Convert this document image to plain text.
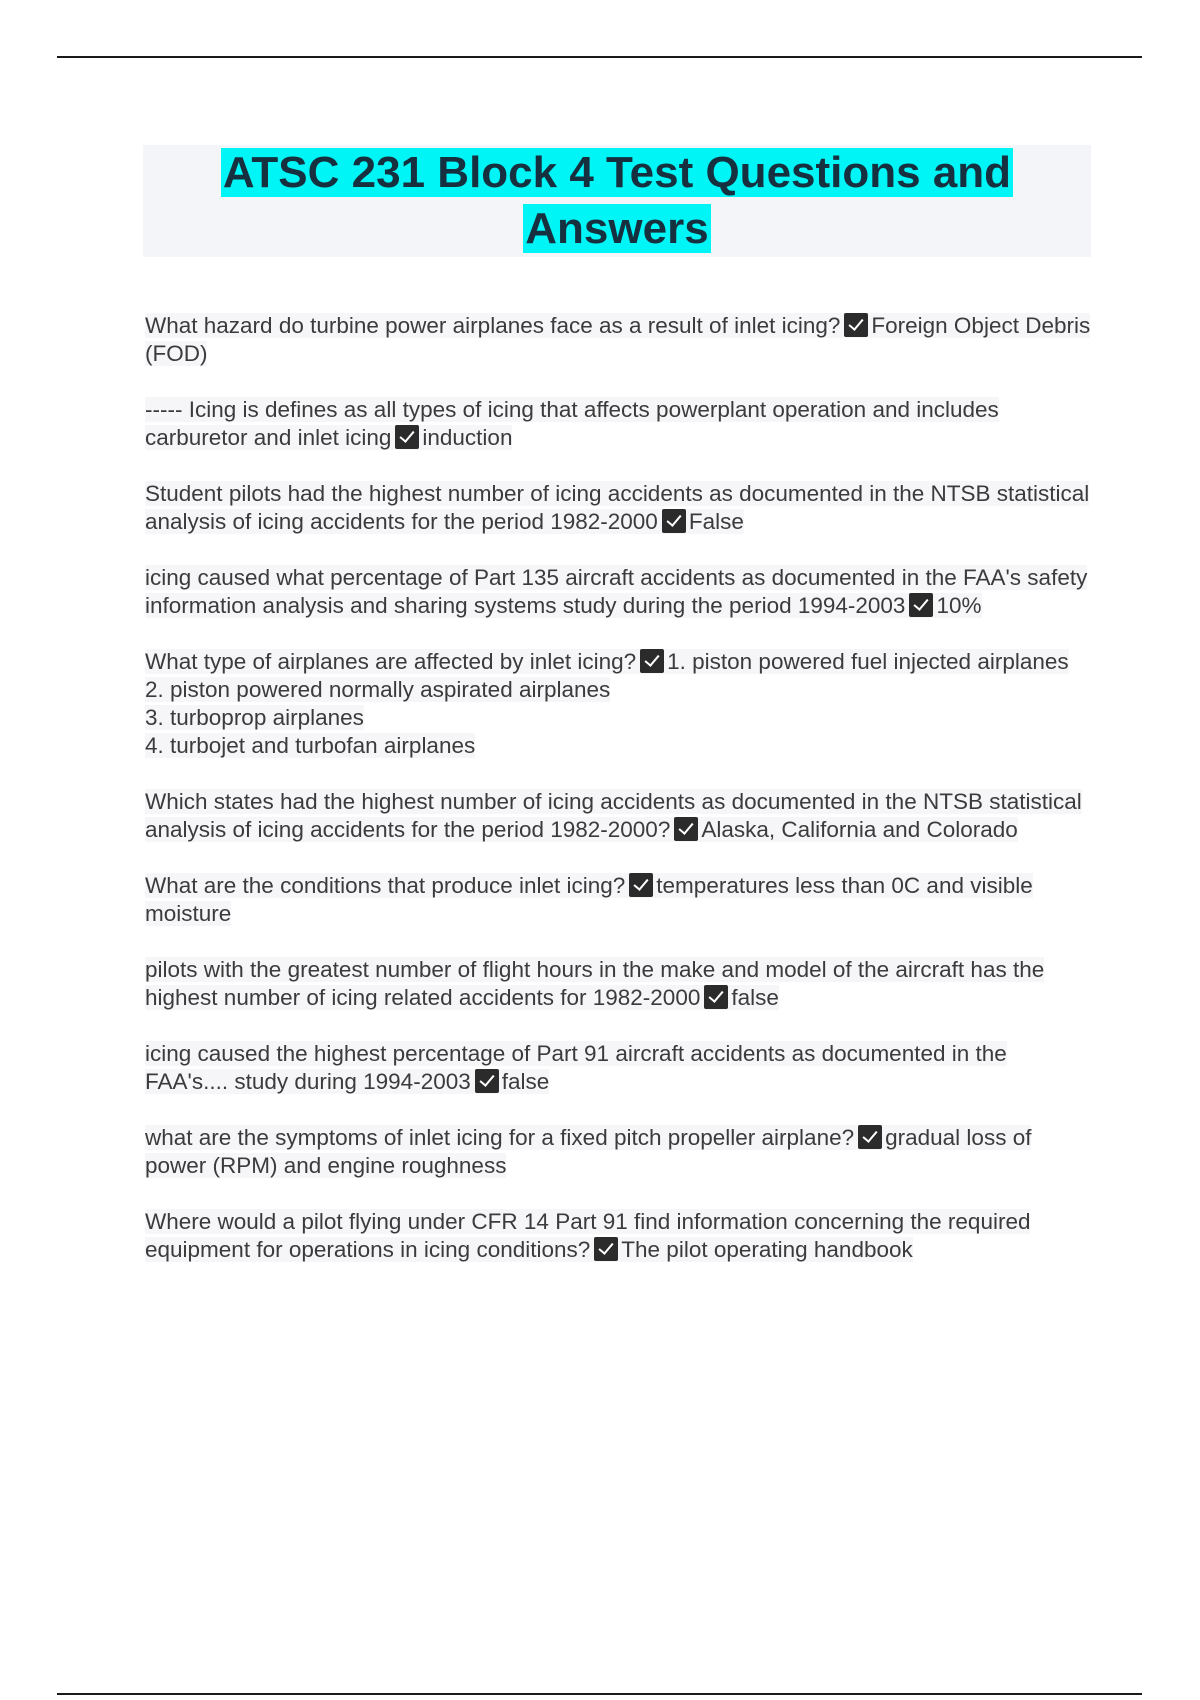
ATSC 231 Block 4 Test Questions and Answers
What hazard do turbine power airplanes face as a result of inlet icing? Foreign Object Debris (FOD)
----- Icing is defines as all types of icing that affects powerplant operation and includes carburetor and inlet icing induction
Student pilots had the highest number of icing accidents as documented in the NTSB statistical analysis of icing accidents for the period 1982-2000 False
icing caused what percentage of Part 135 aircraft accidents as documented in the FAA's safety information analysis and sharing systems study during the period 1994-2003 10%
What type of airplanes are affected by inlet icing? 1. piston powered fuel injected airplanes
2. piston powered normally aspirated airplanes
3. turboprop airplanes
4. turbojet and turbofan airplanes
Which states had the highest number of icing accidents as documented in the NTSB statistical analysis of icing accidents for the period 1982-2000? Alaska, California and Colorado
What are the conditions that produce inlet icing? temperatures less than 0C and visible moisture
pilots with the greatest number of flight hours in the make and model of the aircraft has the highest number of icing related accidents for 1982-2000 false
icing caused the highest percentage of Part 91 aircraft accidents as documented in the FAA's.... study during 1994-2003 false
what are the symptoms of inlet icing for a fixed pitch propeller airplane? gradual loss of power (RPM) and engine roughness
Where would a pilot flying under CFR 14 Part 91 find information concerning the required equipment for operations in icing conditions? The pilot operating handbook
